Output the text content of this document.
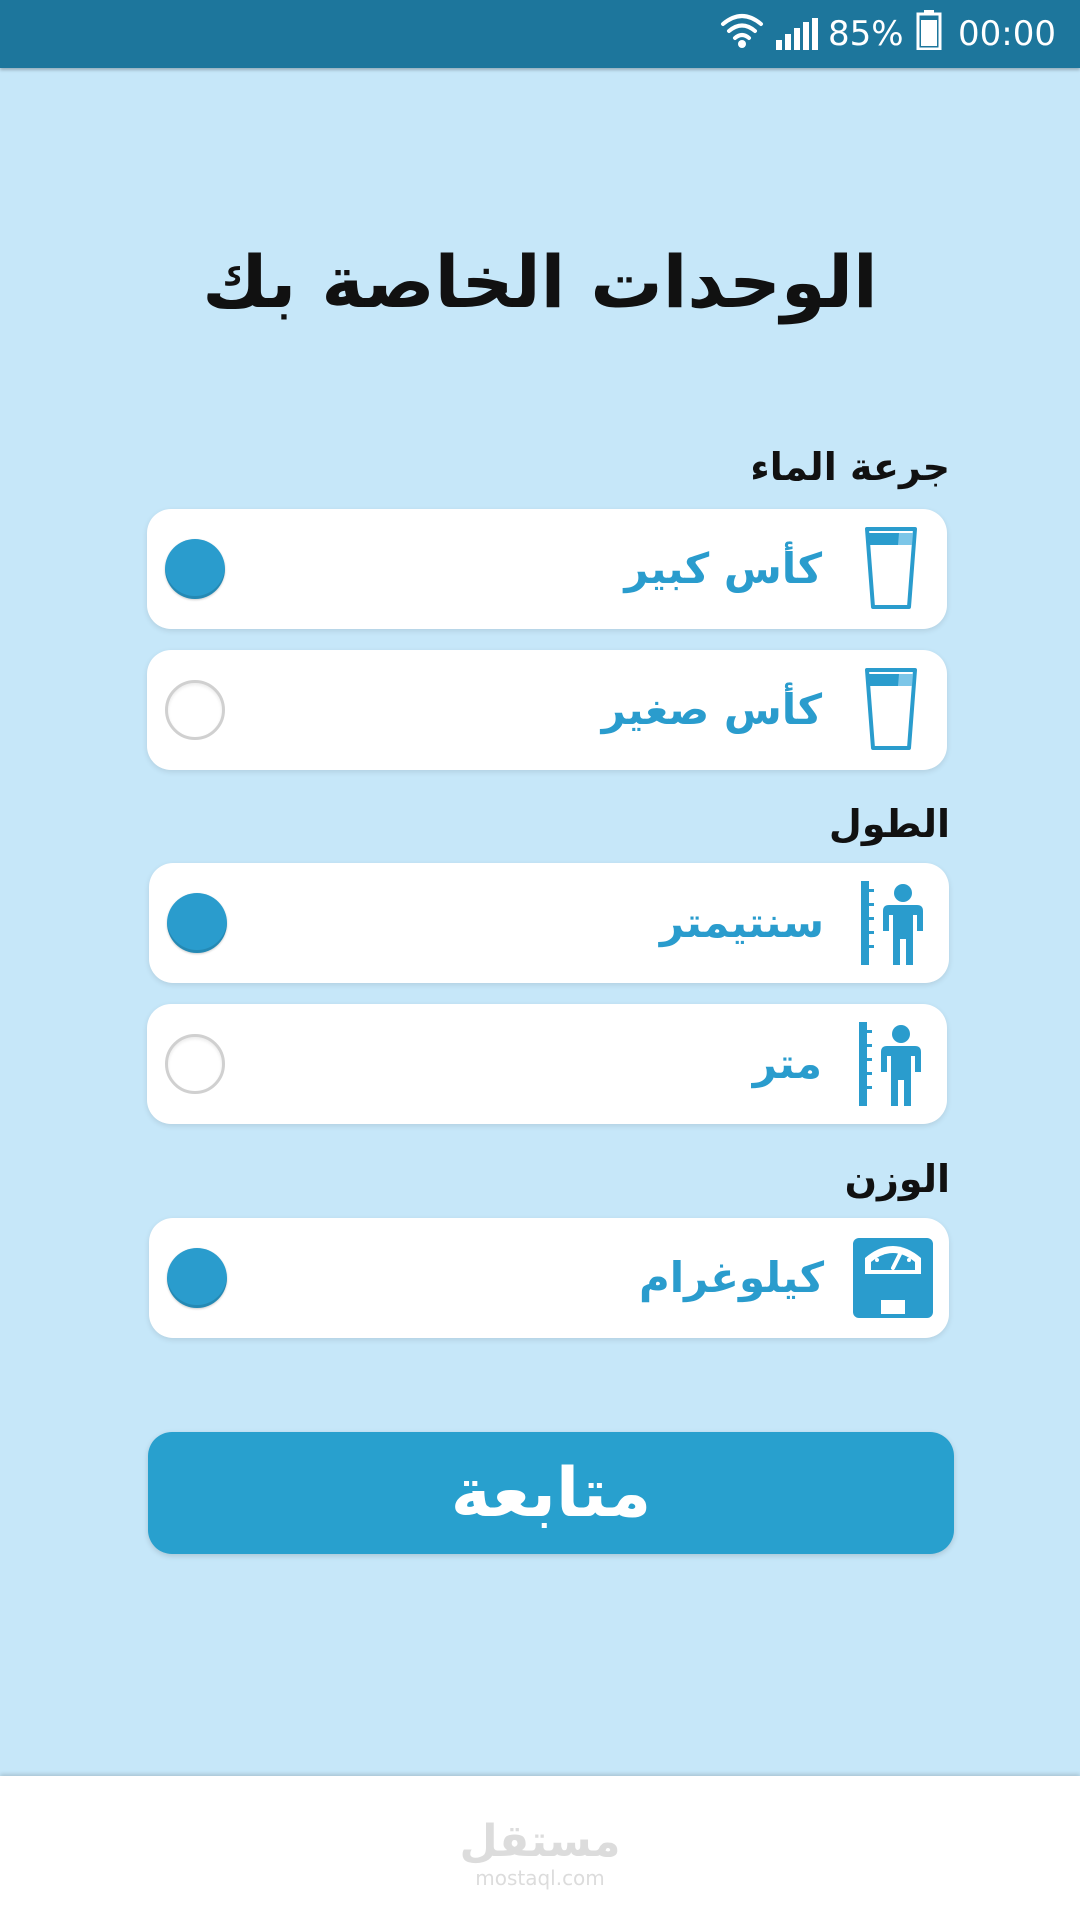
85% 00:00
الوحدات الخاصة بك
جرعة الماء
كأس كبير
كأس صغير
الطول
سنتيمتر
متر
الوزن
كيلوغرام
متابعة
مستقل
mostaql.com
